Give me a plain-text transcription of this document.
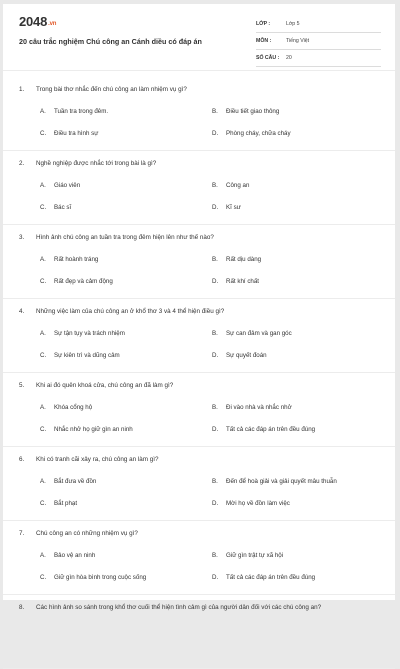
2048.vn
20 câu trắc nghiệm Chú công an Cánh diều có đáp án
LỚP :	Lớp 5
MÔN :	Tiếng Việt
SỐ CÂU : 20
1. Trong bài thơ nhắc đến chú công an làm nhiệm vụ gì?
A. Tuần tra trong đêm.	B. Điều tiết giao thông
C. Điều tra hình sự	D. Phòng cháy, chữa cháy
2. Nghề nghiệp được nhắc tới trong bài là gì?
A. Giáo viên	B. Công an
C. Bác sĩ	D. Kĩ sư
3. Hình ảnh chú công an tuần tra trong đêm hiện lên như thế nào?
A. Rất hoành tráng	B. Rất dịu dàng
C. Rất đẹp và cảm động	D. Rất khí chất
4. Những việc làm của chú công an ở khổ thơ 3 và 4 thể hiện điều gì?
A. Sự tận tụy và trách nhiệm	B. Sự can đảm và gan góc
C. Sự kiên trì và dũng cảm	D. Sự quyết đoán
5. Khi ai đó quên khoá cửa, chú công an đã làm gì?
A. Khóa cổng hộ	B. Đi vào nhà và nhắc nhở
C. Nhắc nhở họ giữ gìn an ninh	D. Tất cả các đáp án trên đều đúng
6. Khi có tranh cãi xảy ra, chú công an làm gì?
A. Bắt đưa về đồn	B. Đến để hoà giải và giải quyết mâu thuẫn
C. Bắt phạt	D. Mời họ về đồn làm việc
7. Chú công an có những nhiệm vụ gì?
A. Bảo vệ an ninh	B. Giữ gìn trật tự xã hội
C. Giữ gìn hòa bình trong cuộc sống	D. Tất cả các đáp án trên đều đúng
8. Các hình ảnh so sánh trong khổ thơ cuối thể hiện tình cảm gì của người dân đối với các chú công an?
